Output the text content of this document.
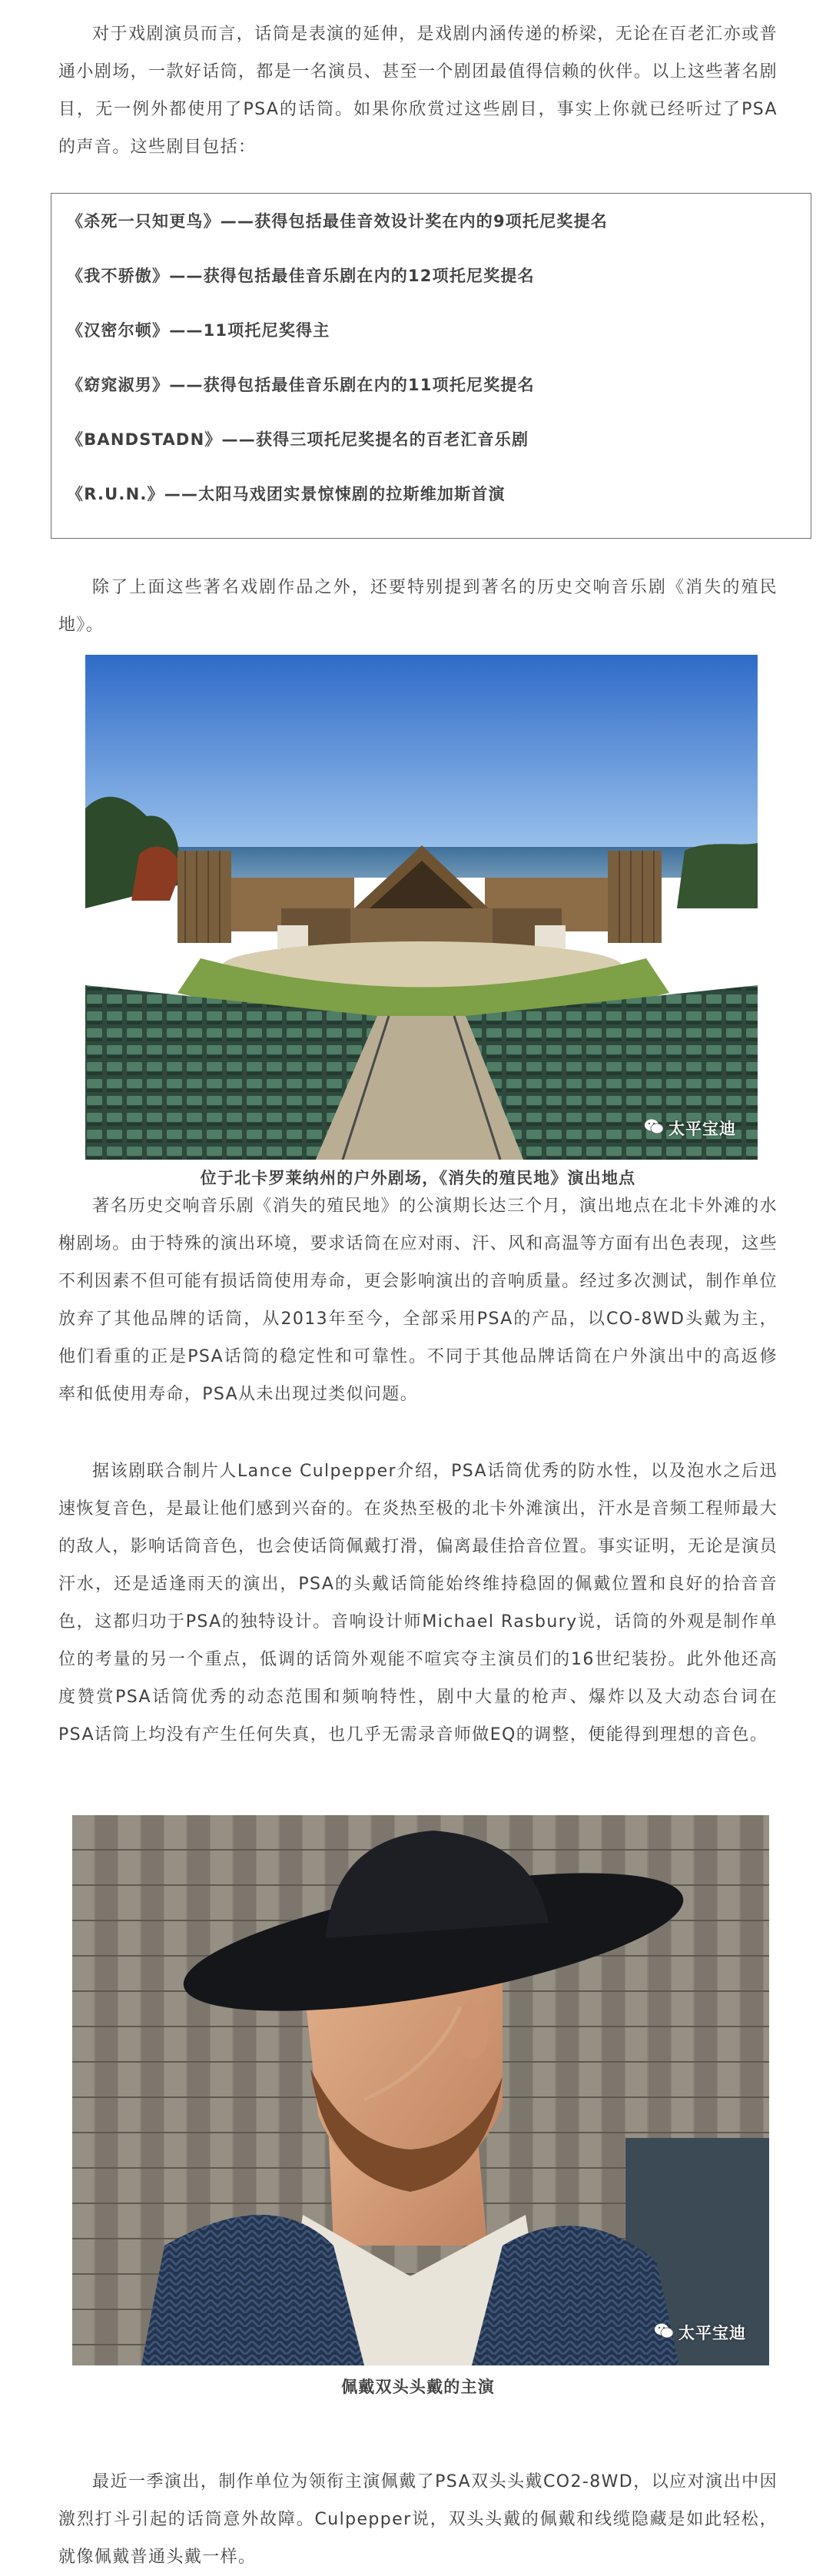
对于戏剧演员而言，话筒是表演的延伸，是戏剧内涵传递的桥梁，无论在百老汇亦或普通小剧场，一款好话筒，都是一名演员、甚至一个剧团最值得信赖的伙伴。以上这些著名剧目，无一例外都使用了PSA的话筒。如果你欣赏过这些剧目，事实上你就已经听过了PSA的声音。这些剧目包括：

《杀死一只知更鸟》——获得包括最佳音效设计奖在内的9项托尼奖提名
《我不骄傲》——获得包括最佳音乐剧在内的12项托尼奖提名
《汉密尔顿》——11项托尼奖得主
《窈窕淑男》——获得包括最佳音乐剧在内的11项托尼奖提名
《BANDSTADN》——获得三项托尼奖提名的百老汇音乐剧
《R.U.N.》——太阳马戏团实景惊悚剧的拉斯维加斯首演

除了上面这些著名戏剧作品之外，还要特别提到著名的历史交响音乐剧《消失的殖民地》。

太平宝迪
位于北卡罗莱纳州的户外剧场，《消失的殖民地》演出地点

著名历史交响音乐剧《消失的殖民地》的公演期长达三个月，演出地点在北卡外滩的水榭剧场。由于特殊的演出环境，要求话筒在应对雨、汗、风和高温等方面有出色表现，这些不利因素不但可能有损话筒使用寿命，更会影响演出的音响质量。经过多次测试，制作单位放弃了其他品牌的话筒，从2013年至今，全部采用PSA的产品，以CO-8WD头戴为主，他们看重的正是PSA话筒的稳定性和可靠性。不同于其他品牌话筒在户外演出中的高返修率和低使用寿命，PSA从未出现过类似问题。

据该剧联合制片人Lance Culpepper介绍，PSA话筒优秀的防水性，以及泡水之后迅速恢复音色，是最让他们感到兴奋的。在炎热至极的北卡外滩演出，汗水是音频工程师最大的敌人，影响话筒音色，也会使话筒佩戴打滑，偏离最佳拾音位置。事实证明，无论是演员汗水，还是适逢雨天的演出，PSA的头戴话筒能始终维持稳固的佩戴位置和良好的拾音音色，这都归功于PSA的独特设计。音响设计师Michael Rasbury说，话筒的外观是制作单位的考量的另一个重点，低调的话筒外观能不喧宾夺主演员们的16世纪装扮。此外他还高度赞赏PSA话筒优秀的动态范围和频响特性，剧中大量的枪声、爆炸以及大动态台词在PSA话筒上均没有产生任何失真，也几乎无需录音师做EQ的调整，便能得到理想的音色。

太平宝迪
佩戴双头头戴的主演

最近一季演出，制作单位为领衔主演佩戴了PSA双头头戴CO2-8WD，以应对演出中因激烈打斗引起的话筒意外故障。Culpepper说，双头头戴的佩戴和线缆隐藏是如此轻松，就像佩戴普通头戴一样。
